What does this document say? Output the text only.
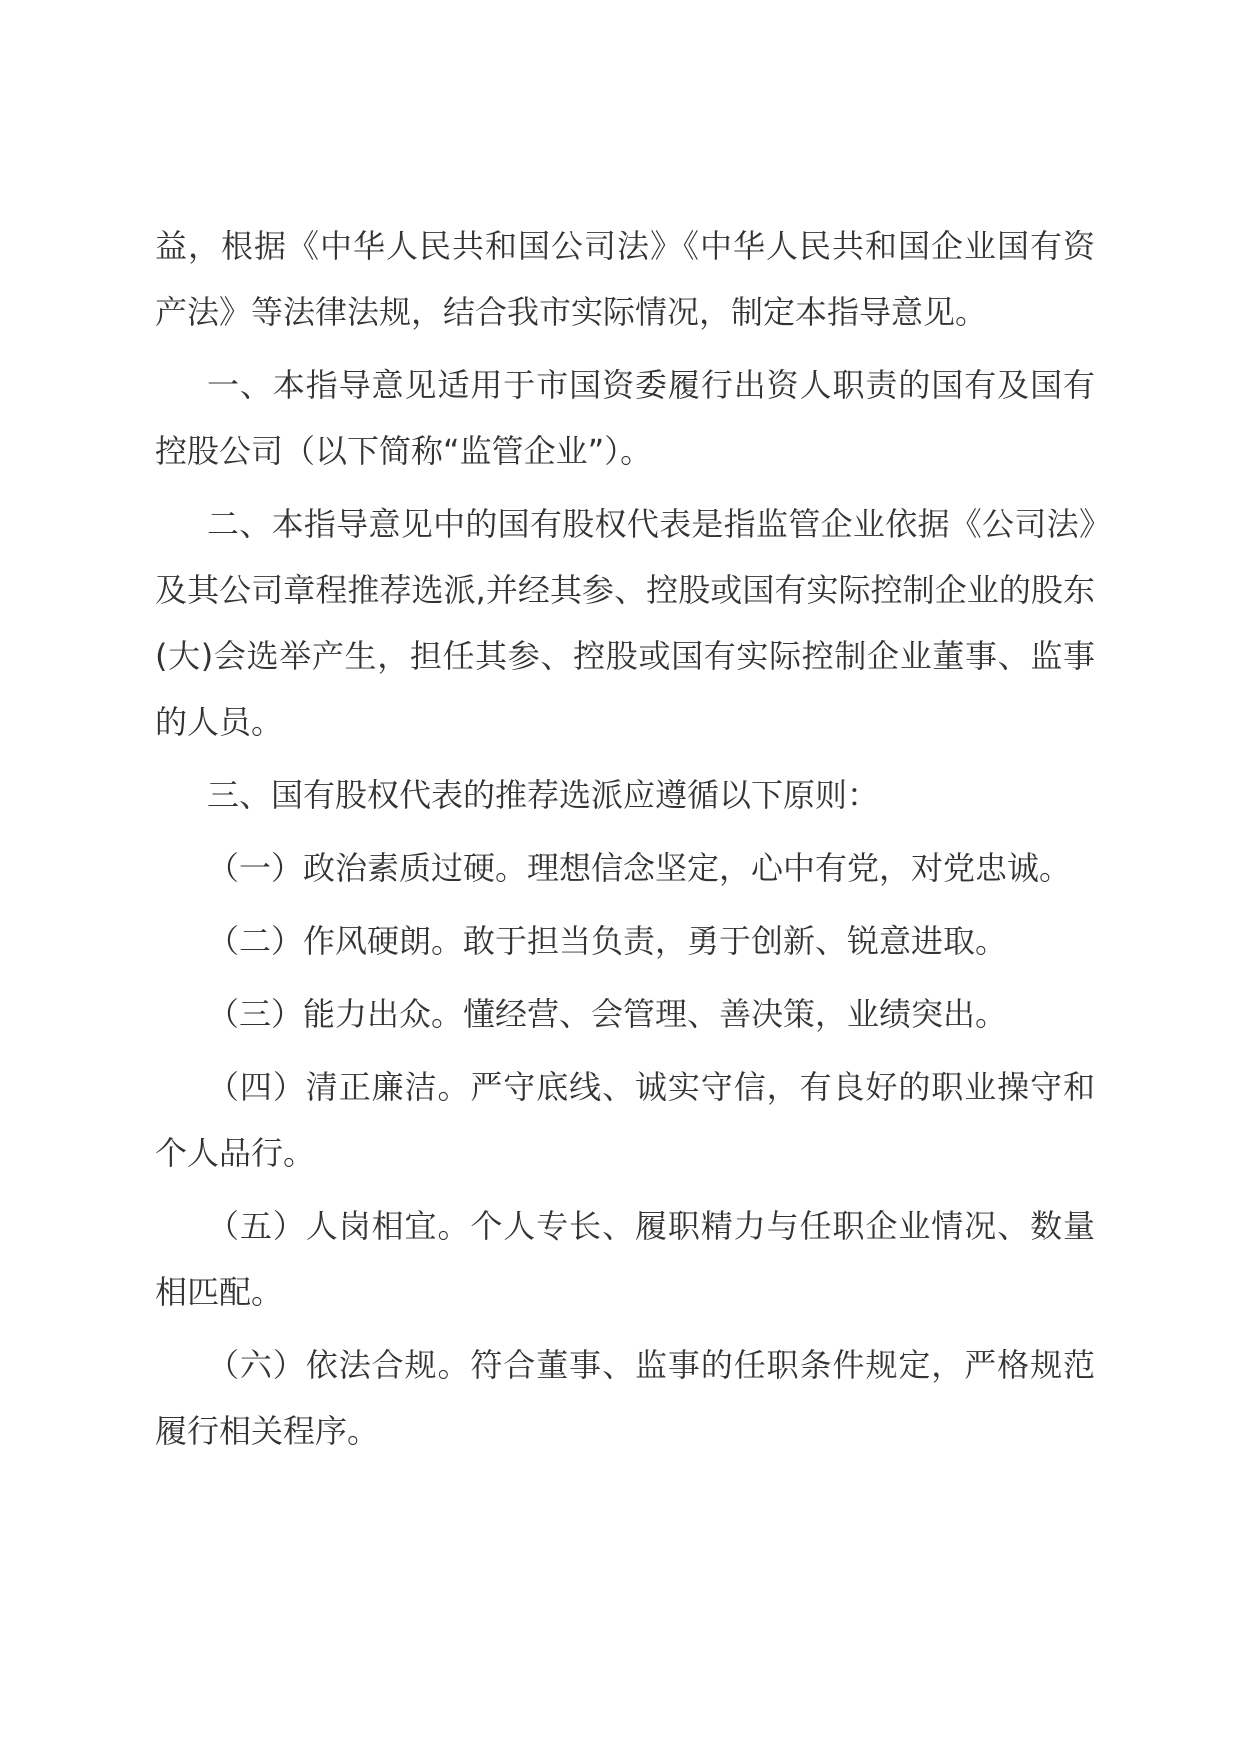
益，根据《中华人民共和国公司法》《中华人民共和国企业国有资产法》等法律法规，结合我市实际情况，制定本指导意见。

一、本指导意见适用于市国资委履行出资人职责的国有及国有控股公司（以下简称“监管企业”）。

二、本指导意见中的国有股权代表是指监管企业依据《公司法》及其公司章程推荐选派,并经其参、控股或国有实际控制企业的股东(大)会选举产生，担任其参、控股或国有实际控制企业董事、监事的人员。

三、国有股权代表的推荐选派应遵循以下原则：

（一）政治素质过硬。理想信念坚定，心中有党，对党忠诚。

（二）作风硬朗。敢于担当负责，勇于创新、锐意进取。

（三）能力出众。懂经营、会管理、善决策，业绩突出。

（四）清正廉洁。严守底线、诚实守信，有良好的职业操守和个人品行。

（五）人岗相宜。个人专长、履职精力与任职企业情况、数量相匹配。

（六）依法合规。符合董事、监事的任职条件规定，严格规范履行相关程序。
